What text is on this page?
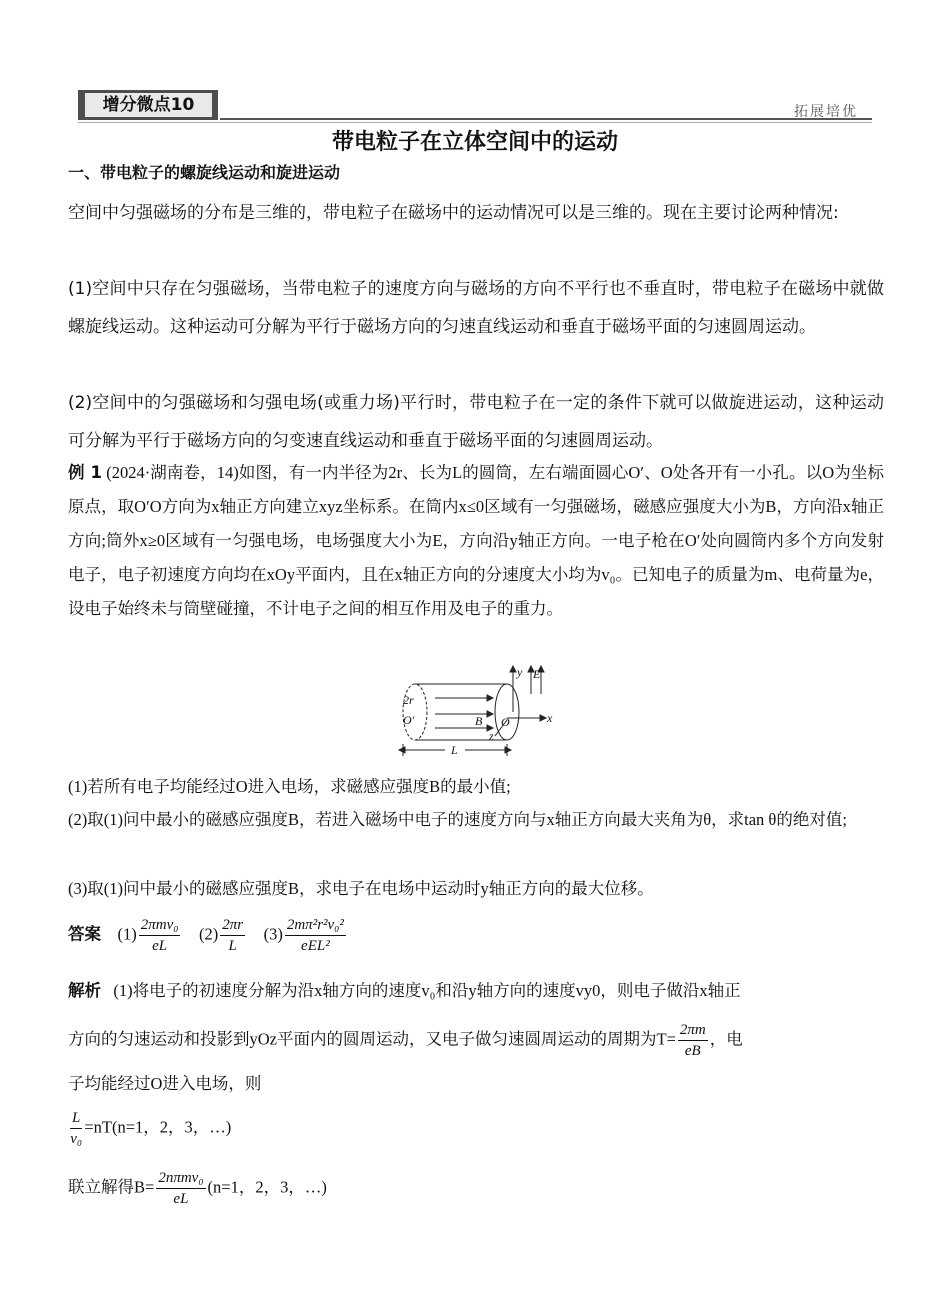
增分微点10	拓展培优
带电粒子在立体空间中的运动
一、带电粒子的螺旋线运动和旋进运动
空间中匀强磁场的分布是三维的，带电粒子在磁场中的运动情况可以是三维的。现在主要讨论两种情况:
(1)空间中只存在匀强磁场，当带电粒子的速度方向与磁场的方向不平行也不垂直时，带电粒子在磁场中就做螺旋线运动。这种运动可分解为平行于磁场方向的匀速直线运动和垂直于磁场平面的匀速圆周运动。
(2)空间中的匀强磁场和匀强电场(或重力场)平行时，带电粒子在一定的条件下就可以做旋进运动，这种运动可分解为平行于磁场方向的匀变速直线运动和垂直于磁场平面的匀速圆周运动。
例 1 (2024·湖南卷，14)如图，有一内半径为2r、长为L的圆筒，左右端面圆心O′、O处各开有一小孔。以O为坐标原点，取O′O方向为x轴正方向建立xyz坐标系。在筒内x≤0区域有一匀强磁场，磁感应强度大小为B，方向沿x轴正方向;筒外x≥0区域有一匀强电场，电场强度大小为E，方向沿y轴正方向。一电子枪在O′处向圆筒内多个方向发射电子，电子初速度方向均在xOy平面内，且在x轴正方向的分速度大小均为v₀。已知电子的质量为m、电荷量为e，设电子始终未与筒壁碰撞，不计电子之间的相互作用及电子的重力。
2r
O′	B O	x
y
z
E
L
(1)若所有电子均能经过O进入电场，求磁感应强度B的最小值;
(2)取(1)问中最小的磁感应强度B，若进入磁场中电子的速度方向与x轴正方向最大夹角为θ，求tan θ的绝对值;
(3)取(1)问中最小的磁感应强度B，求电子在电场中运动时y轴正方向的最大位移。
答案 $(1) \frac{\text{2πmv₀}}{eL} (2) \frac{2\pi r}{L} (3) \frac{\text{2mπ²r²v₀²}}{\text{eEL²}}$
解析 (1)将电子的初速度分解为沿x轴方向的速度v₀和沿y轴方向的速度vy0，则电子做沿x轴正
方向的匀速运动和投影到yOz平面内的圆周运动，又电子做匀速圆周运动的周期为$T= \frac{2\pi m}{eB}$ ，电
子均能经过O进入电场，则
$\frac{L}{\text{v₀}} =nT(n=1$，2，3，…)
联立解得$B= \frac{\text{2nπmv₀}}{eL} (n=1$，2，3，…)
